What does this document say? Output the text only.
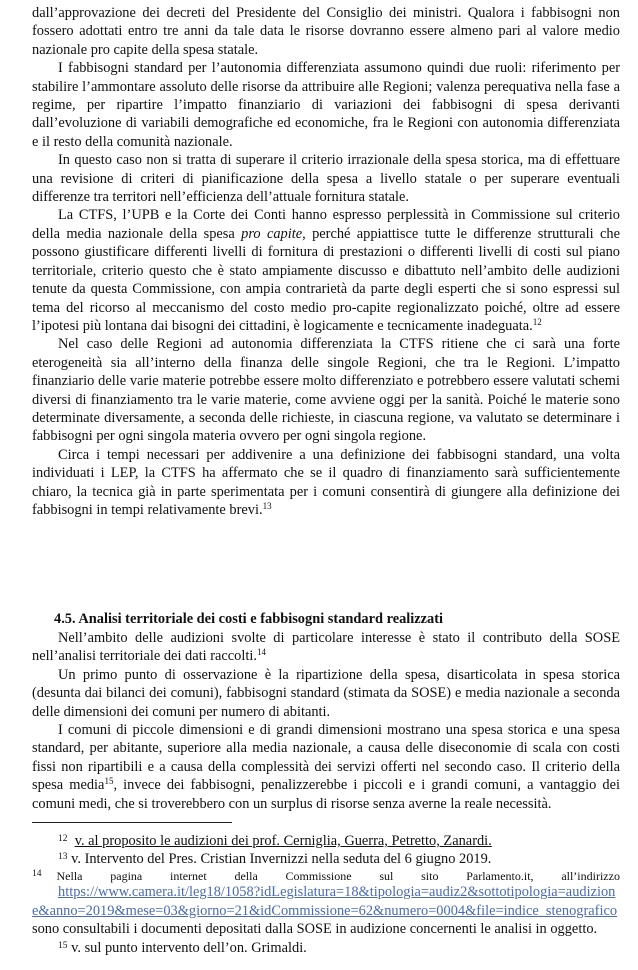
dall’approvazione dei decreti del Presidente del Consiglio dei ministri. Qualora i fabbisogni non fossero adottati entro tre anni da tale data le risorse dovranno essere almeno pari al valore medio nazionale pro capite della spesa statale.

I fabbisogni standard per l’autonomia differenziata assumono quindi due ruoli: riferimento per stabilire l’ammontare assoluto delle risorse da attribuire alle Regioni; valenza perequativa nella fase a regime, per ripartire l’impatto finanziario di variazioni dei fabbisogni di spesa derivanti dall’evoluzione di variabili demografiche ed economiche, fra le Regioni con autonomia differenziata e il resto della comunità nazionale.

In questo caso non si tratta di superare il criterio irrazionale della spesa storica, ma di effettuare una revisione di criteri di pianificazione della spesa a livello statale o per superare eventuali differenze tra territori nell’efficienza dell’attuale fornitura statale.

La CTFS, l’UPB e la Corte dei Conti hanno espresso perplessità in Commissione sul criterio della media nazionale della spesa pro capite, perché appiattisce tutte le differenze strutturali che possono giustificare differenti livelli di fornitura di prestazioni o differenti livelli di costi sul piano territoriale, criterio questo che è stato ampiamente discusso e dibattuto nell’ambito delle audizioni tenute da questa Commissione, con ampia contrarietà da parte degli esperti che si sono espressi sul tema del ricorso al meccanismo del costo medio pro-capite regionalizzato poiché, oltre ad essere l’ipotesi più lontana dai bisogni dei cittadini, è logicamente e tecnicamente inadeguata.$^{12}$

Nel caso delle Regioni ad autonomia differenziata la CTFS ritiene che ci sarà una forte eterogeneità sia all’interno della finanza delle singole Regioni, che tra le Regioni. L’impatto finanziario delle varie materie potrebbe essere molto differenziato e potrebbero essere valutati schemi diversi di finanziamento tra le varie materie, come avviene oggi per la sanità. Poiché le materie sono determinate diversamente, a seconda delle richieste, in ciascuna regione, va valutato se determinare i fabbisogni per ogni singola materia ovvero per ogni singola regione.

Circa i tempi necessari per addivenire a una definizione dei fabbisogni standard, una volta individuati i LEP, la CTFS ha affermato che se il quadro di finanziamento sarà sufficientemente chiaro, la tecnica già in parte sperimentata per i comuni consentirà di giungere alla definizione dei fabbisogni in tempi relativamente brevi.$^{13}$

4.5. Analisi territoriale dei costi e fabbisogni standard realizzati

Nell’ambito delle audizioni svolte di particolare interesse è stato il contributo della SOSE nell’analisi territoriale dei dati raccolti.$^{14}$

Un primo punto di osservazione è la ripartizione della spesa, disarticolata in spesa storica (desunta dai bilanci dei comuni), fabbisogni standard (stimata da SOSE) e media nazionale a seconda delle dimensioni dei comuni per numero di abitanti.

I comuni di piccole dimensioni e di grandi dimensioni mostrano una spesa storica e una spesa standard, per abitante, superiore alla media nazionale, a causa delle diseconomie di scala con costi fissi non ripartibili e a causa della complessità dei servizi offerti nel secondo caso. Il criterio della spesa media$^{15}$, invece dei fabbisogni, penalizzerebbe i piccoli e i grandi comuni, a vantaggio dei comuni medi, che si troverebbero con un surplus di risorse senza averne la reale necessità.

$^{12}$ v. al proposito le audizioni dei prof. Cerniglia, Guerra, Petretto, Zanardi.

$^{13}$ v. Intervento del Pres. Cristian Invernizzi nella seduta del 6 giugno 2019.

$^{14}$ Nella pagina internet della Commissione sul sito Parlamento.it, all’indirizzo

https://www.camera.it/leg18/1058?idLegislatura=18&tipologia=audiz2&sottotipologia=audizione&anno=2019&mese=03&giorno=21&idCommissione=62&numero=0004&file=indice_stenografico sono consultabili i documenti depositati dalla SOSE in audizione concernenti le analisi in oggetto.

$^{15}$ v. sul punto intervento dell’on. Grimaldi.
